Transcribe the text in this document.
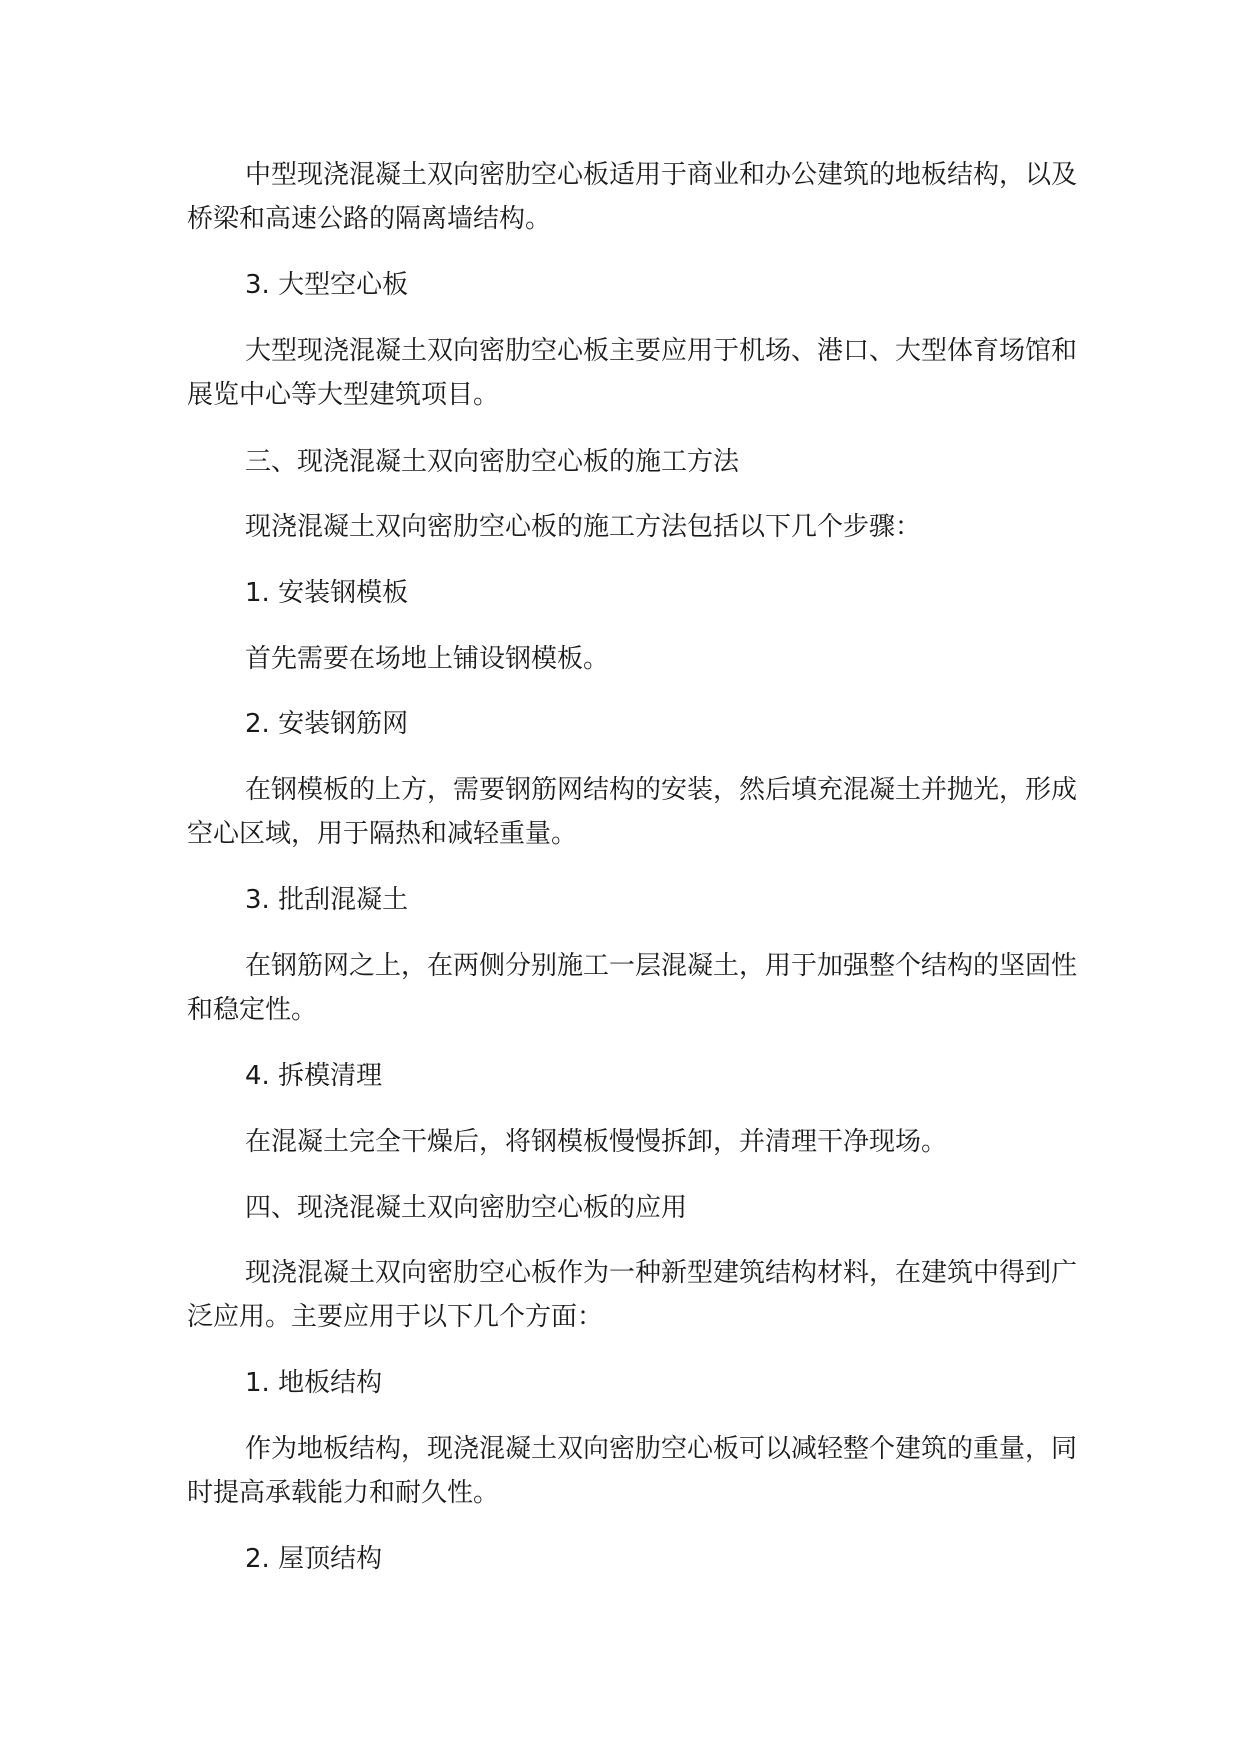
中型现浇混凝土双向密肋空心板适用于商业和办公建筑的地板结构，以及桥梁和高速公路的隔离墙结构。

3. 大型空心板

大型现浇混凝土双向密肋空心板主要应用于机场、港口、大型体育场馆和展览中心等大型建筑项目。

三、现浇混凝土双向密肋空心板的施工方法

现浇混凝土双向密肋空心板的施工方法包括以下几个步骤：

1. 安装钢模板

首先需要在场地上铺设钢模板。

2. 安装钢筋网

在钢模板的上方，需要钢筋网结构的安装，然后填充混凝土并抛光，形成空心区域，用于隔热和减轻重量。

3. 批刮混凝土

在钢筋网之上，在两侧分别施工一层混凝土，用于加强整个结构的坚固性和稳定性。

4. 拆模清理

在混凝土完全干燥后，将钢模板慢慢拆卸，并清理干净现场。

四、现浇混凝土双向密肋空心板的应用

现浇混凝土双向密肋空心板作为一种新型建筑结构材料，在建筑中得到广泛应用。主要应用于以下几个方面：

1. 地板结构

作为地板结构，现浇混凝土双向密肋空心板可以减轻整个建筑的重量，同时提高承载能力和耐久性。

2. 屋顶结构
